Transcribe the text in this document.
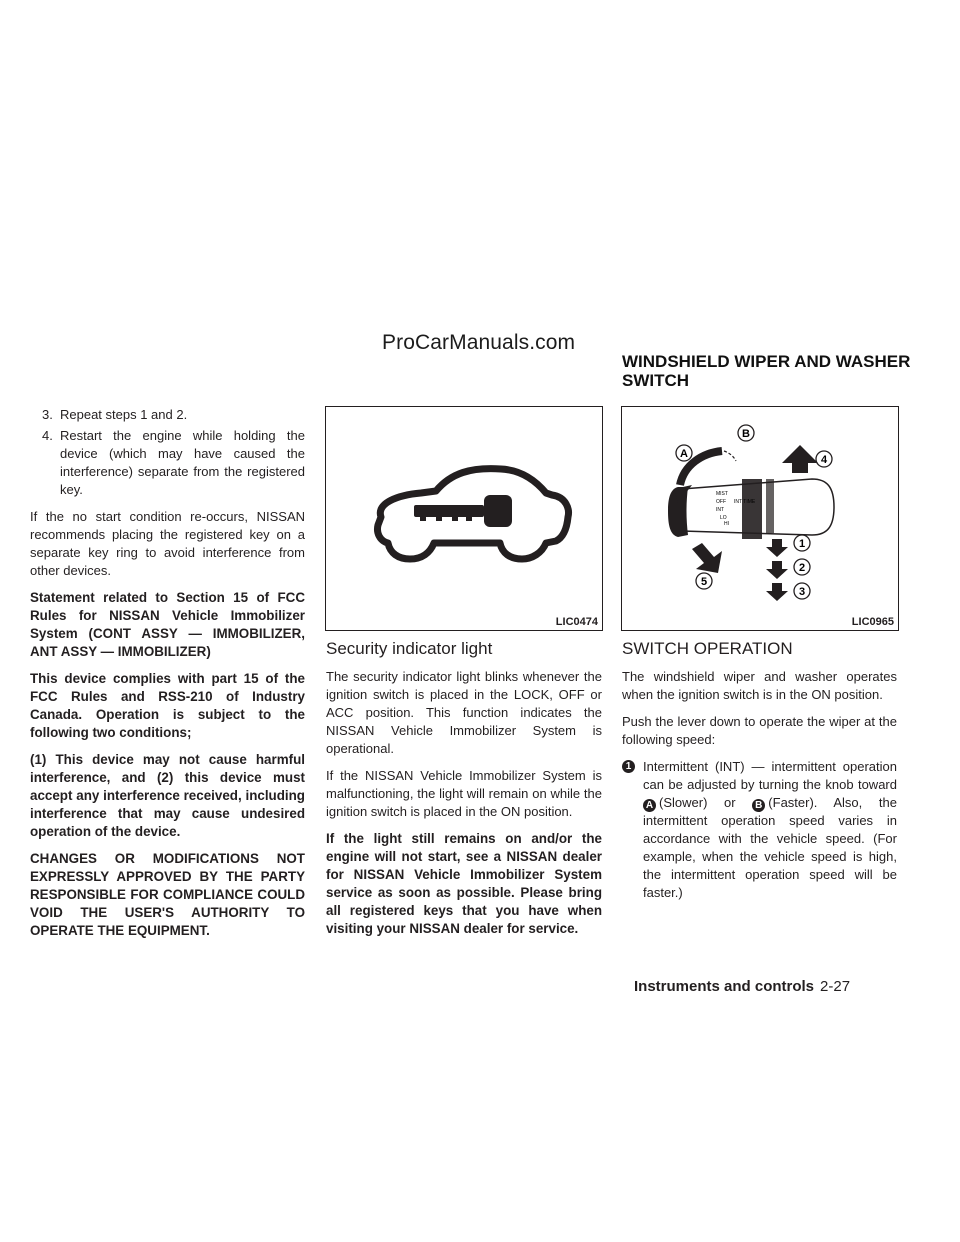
ProCarManuals.com
WINDSHIELD WIPER AND WASHER SWITCH
3. Repeat steps 1 and 2.
4. Restart the engine while holding the device (which may have caused the interference) separate from the registered key.

If the no start condition re-occurs, NISSAN recommends placing the registered key on a separate key ring to avoid interference from other devices.

Statement related to Section 15 of FCC Rules for NISSAN Vehicle Immobilizer System (CONT ASSY — IMMOBILIZER, ANT ASSY — IMMOBILIZER)

This device complies with part 15 of the FCC Rules and RSS-210 of Industry Canada. Operation is subject to the following two conditions;

(1) This device may not cause harmful interference, and (2) this device must accept any interference received, including interference that may cause undesired operation of the device.

CHANGES OR MODIFICATIONS NOT EXPRESSLY APPROVED BY THE PARTY RESPONSIBLE FOR COMPLIANCE COULD VOID THE USER'S AUTHORITY TO OPERATE THE EQUIPMENT.

LIC0474
A
B
4
1
2
3
5
MIST
OFF
INT
LO
HI
INT TIME
LIC0965
Security indicator light

The security indicator light blinks whenever the ignition switch is placed in the LOCK, OFF or ACC position. This function indicates the NISSAN Vehicle Immobilizer System is operational.

If the NISSAN Vehicle Immobilizer System is malfunctioning, the light will remain on while the ignition switch is placed in the ON position.

If the light still remains on and/or the engine will not start, see a NISSAN dealer for NISSAN Vehicle Immobilizer System service as soon as possible. Please bring all registered keys that you have when visiting your NISSAN dealer for service.

SWITCH OPERATION

The windshield wiper and washer operates when the ignition switch is in the ON position.

Push the lever down to operate the wiper at the following speed:

1 Intermittent (INT) — intermittent operation can be adjusted by turning the knob toward A (Slower) or B (Faster). Also, the intermittent operation speed varies in accordance with the vehicle speed. (For example, when the vehicle speed is high, the intermittent operation speed will be faster.)
Instruments and controls 2-27
